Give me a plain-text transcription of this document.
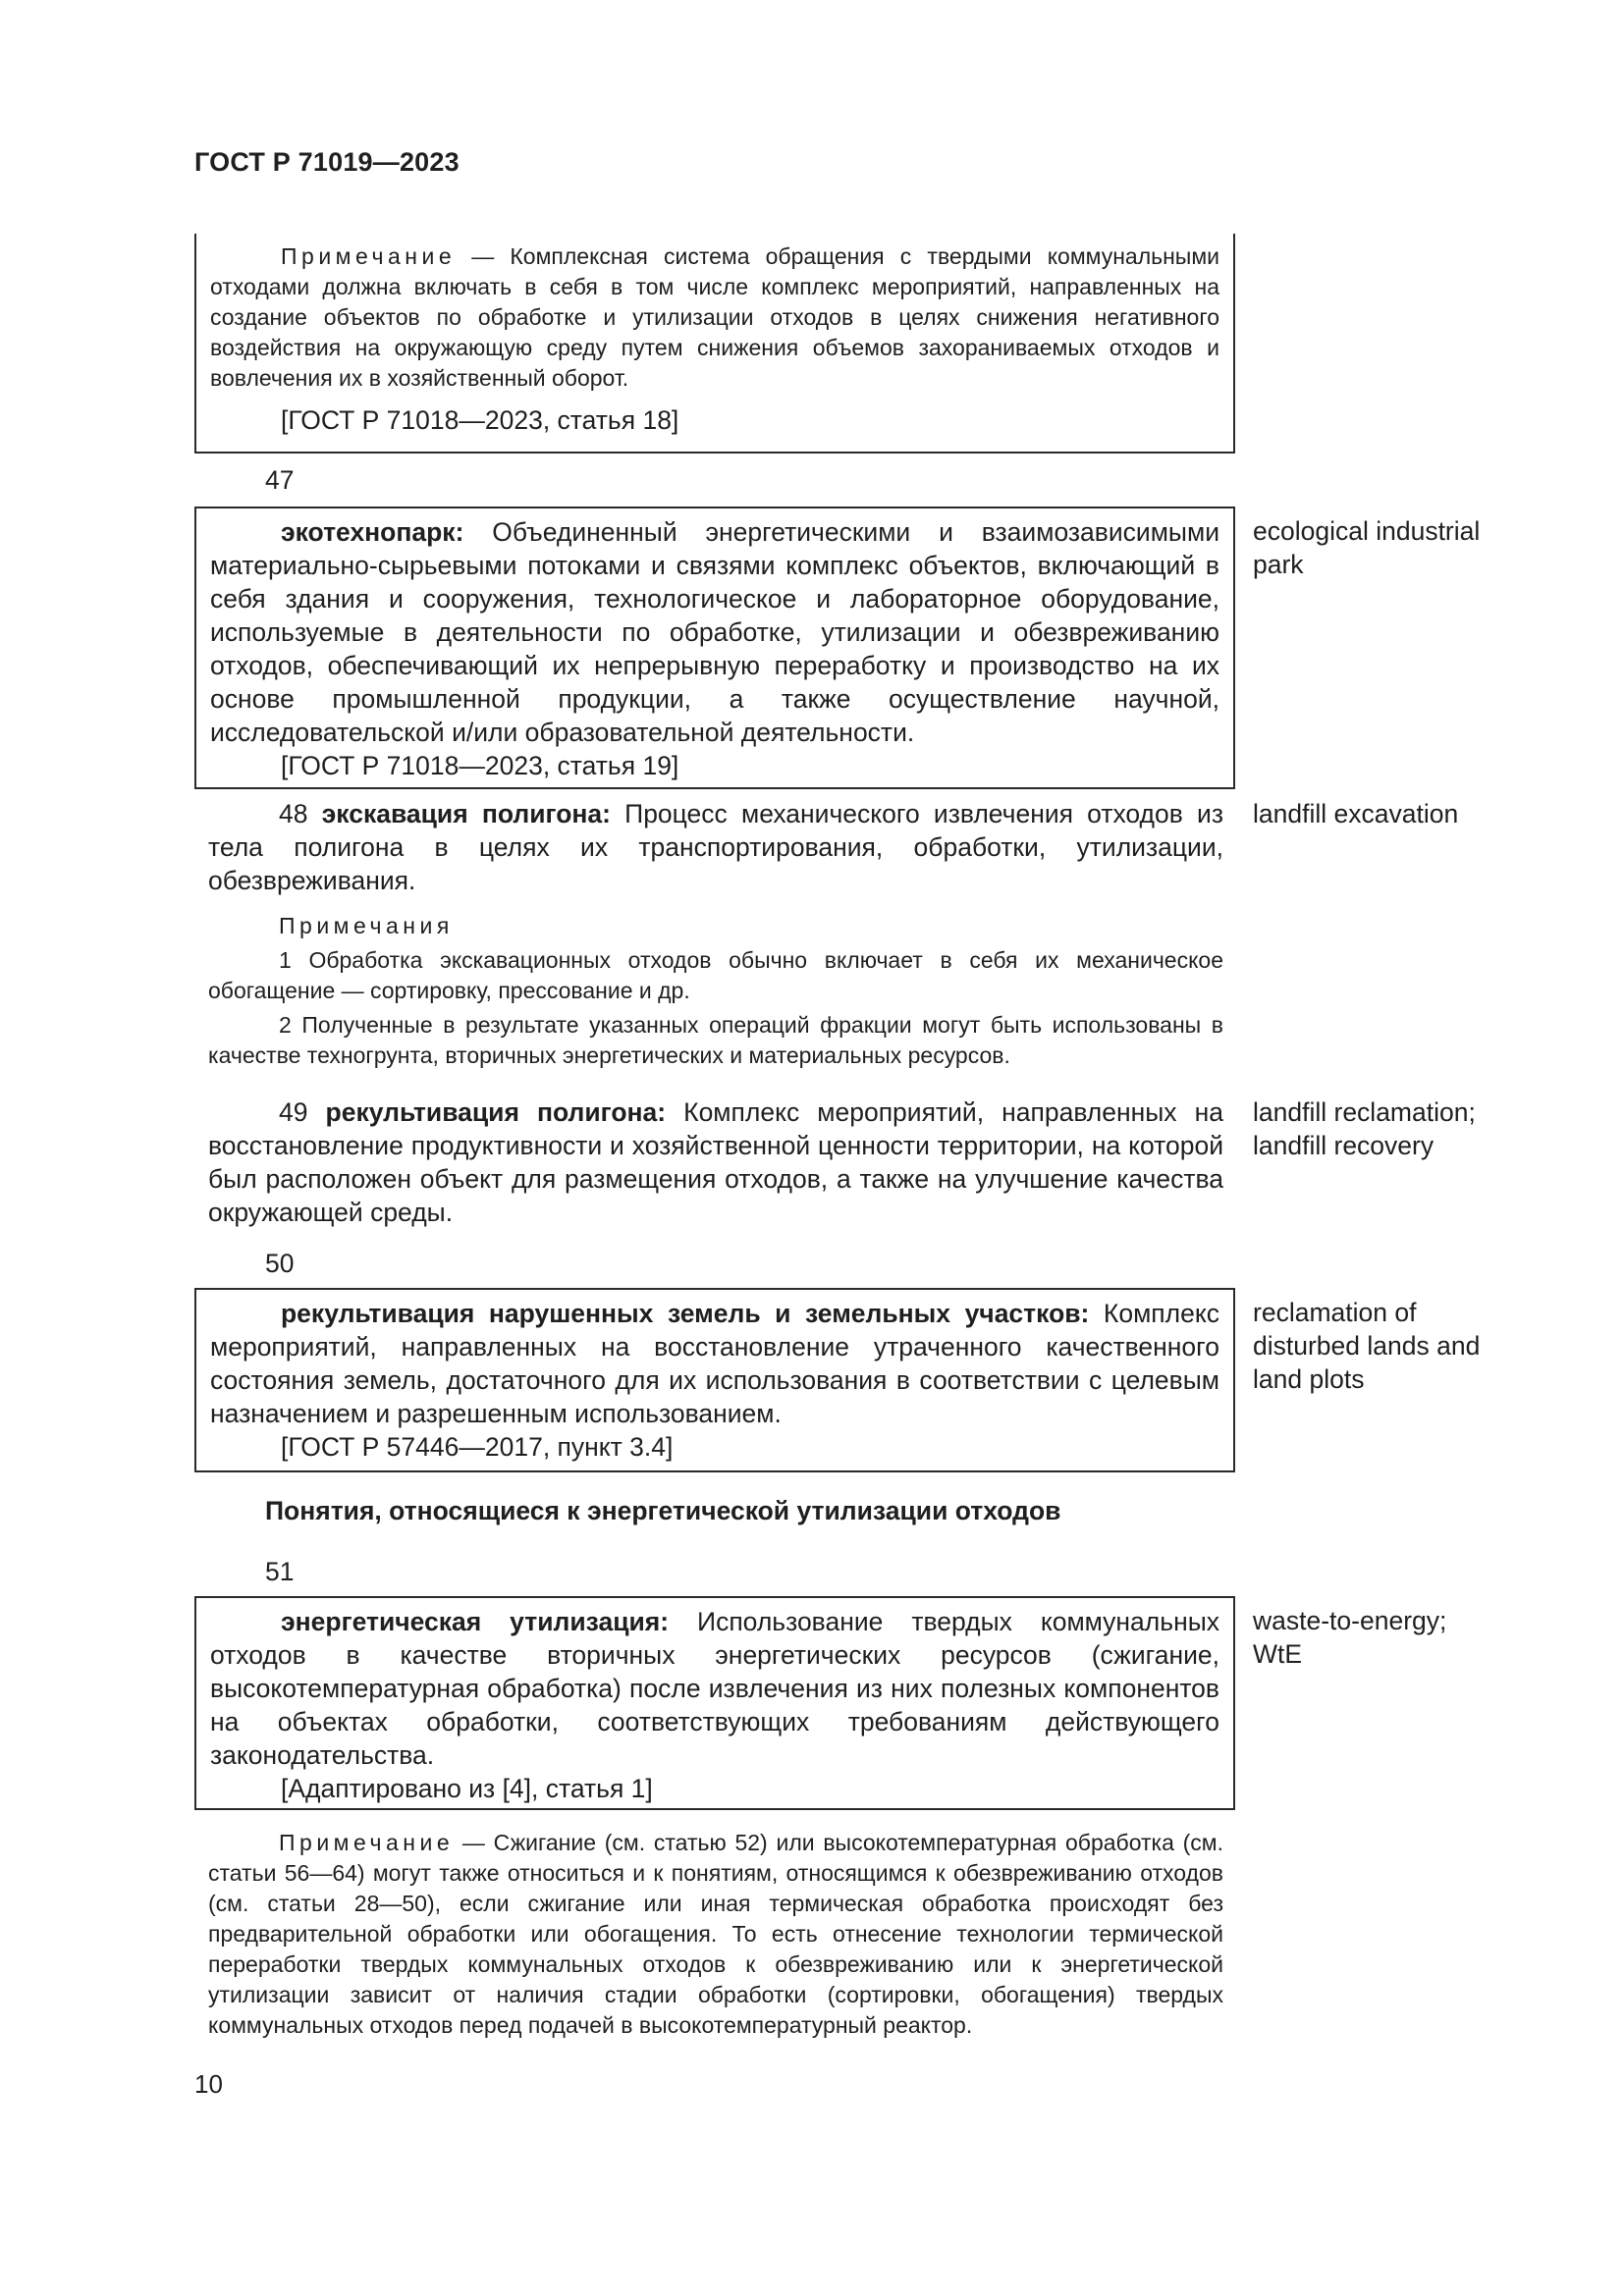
ГОСТ Р 71019—2023

Примечание — Комплексная система обращения с твердыми коммунальными отходами должна включать в себя в том числе комплекс мероприятий, направленных на создание объектов по обработке и утилизации отходов в целях снижения негативного воздействия на окружающую среду путем снижения объемов захораниваемых отходов и вовлечения их в хозяйственный оборот.

[ГОСТ Р 71018—2023, статья 18]

47

экотехнопарк: Объединенный энергетическими и взаимозависимыми материально-сырьевыми потоками и связями комплекс объектов, включающий в себя здания и сооружения, технологическое и лабораторное оборудование, используемые в деятельности по обработке, утилизации и обезвреживанию отходов, обеспечивающий их непрерывную переработку и производство на их основе промышленной продукции, а также осуществление научной, исследовательской и/или образовательной деятельности.

[ГОСТ Р 71018—2023, статья 19]

ecological industrial park

48 экскавация полигона: Процесс механического извлечения отходов из тела полигона в целях их транспортирования, обработки, утилизации, обезвреживания.

Примечания

1 Обработка экскавационных отходов обычно включает в себя их механическое обогащение — сортировку, прессование и др.

2 Полученные в результате указанных операций фракции могут быть использованы в качестве техногрунта, вторичных энергетических и материальных ресурсов.

landfill excavation

49 рекультивация полигона: Комплекс мероприятий, направленных на восстановление продуктивности и хозяйственной ценности территории, на которой был расположен объект для размещения отходов, а также на улучшение качества окружающей среды.

landfill reclamation; landfill recovery
50

рекультивация нарушенных земель и земельных участков: Комплекс мероприятий, направленных на восстановление утраченного качественного состояния земель, достаточного для их использования в соответствии с целевым назначением и разрешенным использованием.

[ГОСТ Р 57446—2017, пункт 3.4]

reclamation of disturbed lands and land plots
Понятия, относящиеся к энергетической утилизации отходов
51

энергетическая утилизация: Использование твердых коммунальных отходов в качестве вторичных энергетических ресурсов (сжигание, высокотемпературная обработка) после извлечения из них полезных компонентов на объектах обработки, соответствующих требованиям действующего законодательства.

[Адаптировано из [4], статья 1]

waste-to-energy; WtE

Примечание — Сжигание (см. статью 52) или высокотемпературная обработка (см. статьи 56—64) могут также относиться и к понятиям, относящимся к обезвреживанию отходов (см. статьи 28—50), если сжигание или иная термическая обработка происходят без предварительной обработки или обогащения. То есть отнесение технологии термической переработки твердых коммунальных отходов к обезвреживанию или к энергетической утилизации зависит от наличия стадии обработки (сортировки, обогащения) твердых коммунальных отходов перед подачей в высокотемпературный реактор.

10
